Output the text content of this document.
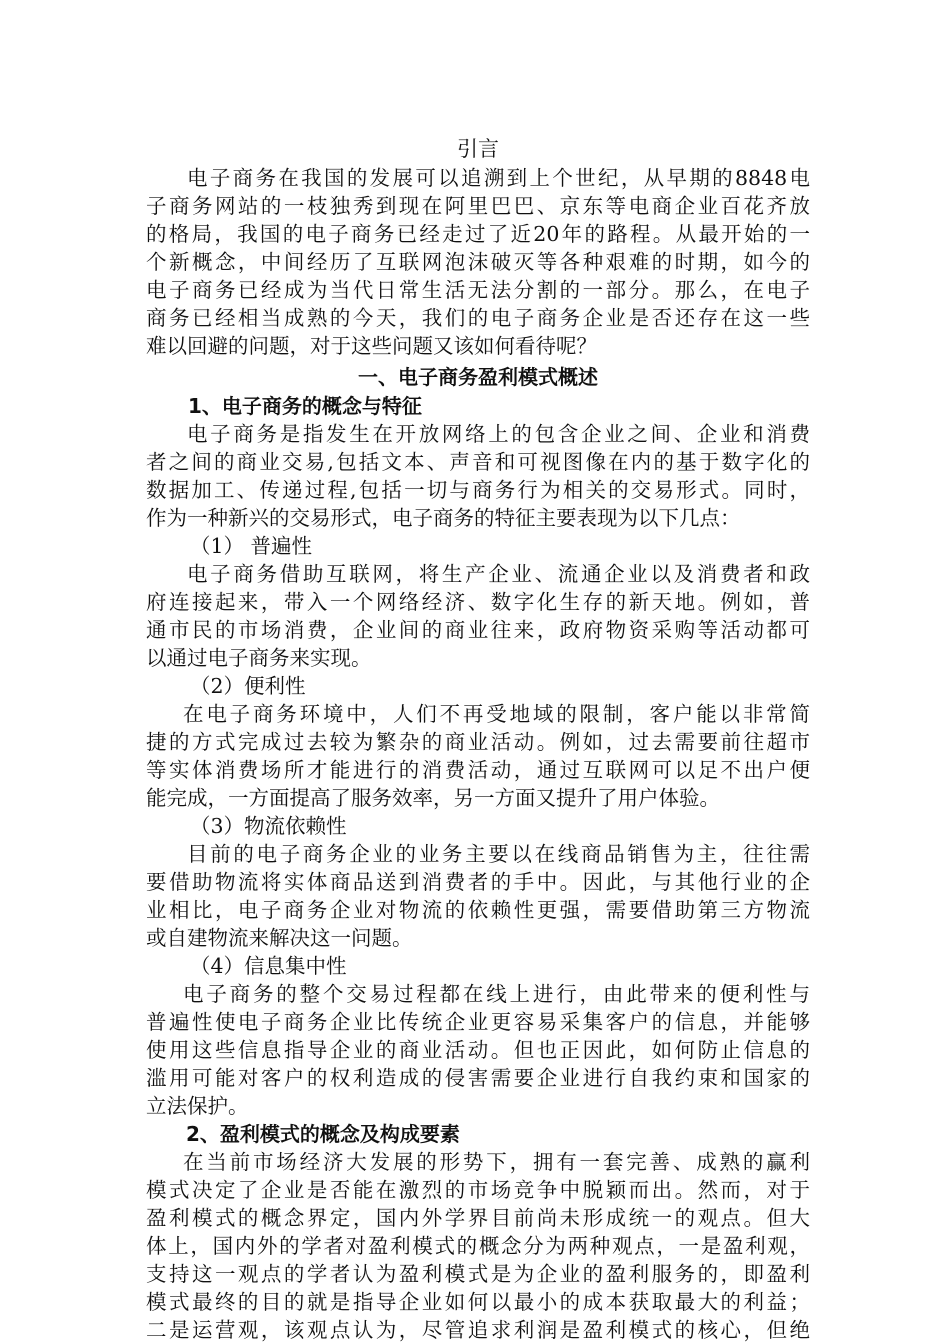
引言
电子商务在我国的发展可以追溯到上个世纪，从早期的8848电
子商务网站的一枝独秀到现在阿里巴巴、京东等电商企业百花齐放
的格局，我国的电子商务已经走过了近20年的路程。从最开始的一
个新概念，中间经历了互联网泡沫破灭等各种艰难的时期，如今的
电子商务已经成为当代日常生活无法分割的一部分。那么，在电子
商务已经相当成熟的今天，我们的电子商务企业是否还存在这一些
难以回避的问题，对于这些问题又该如何看待呢？
一、电子商务盈利模式概述
1、电子商务的概念与特征
电子商务是指发生在开放网络上的包含企业之间、企业和消费
者之间的商业交易,包括文本、声音和可视图像在内的基于数字化的
数据加工、传递过程,包括一切与商务行为相关的交易形式。同时，
作为一种新兴的交易形式，电子商务的特征主要表现为以下几点：
（1） 普遍性
电子商务借助互联网，将生产企业、流通企业以及消费者和政
府连接起来，带入一个网络经济、数字化生存的新天地。例如，普
通市民的市场消费，企业间的商业往来，政府物资采购等活动都可
以通过电子商务来实现。
（2）便利性
在电子商务环境中，人们不再受地域的限制，客户能以非常简
捷的方式完成过去较为繁杂的商业活动。例如，过去需要前往超市
等实体消费场所才能进行的消费活动，通过互联网可以足不出户便
能完成，一方面提高了服务效率，另一方面又提升了用户体验。
（3）物流依赖性
目前的电子商务企业的业务主要以在线商品销售为主，往往需
要借助物流将实体商品送到消费者的手中。因此，与其他行业的企
业相比，电子商务企业对物流的依赖性更强，需要借助第三方物流
或自建物流来解决这一问题。
（4）信息集中性
电子商务的整个交易过程都在线上进行，由此带来的便利性与
普遍性使电子商务企业比传统企业更容易采集客户的信息，并能够
使用这些信息指导企业的商业活动。但也正因此，如何防止信息的
滥用可能对客户的权利造成的侵害需要企业进行自我约束和国家的
立法保护。
2、盈利模式的概念及构成要素
在当前市场经济大发展的形势下，拥有一套完善、成熟的赢利
模式决定了企业是否能在激烈的市场竞争中脱颖而出。然而，对于
盈利模式的概念界定，国内外学界目前尚未形成统一的观点。但大
体上，国内外的学者对盈利模式的概念分为两种观点，一是盈利观，
支持这一观点的学者认为盈利模式是为企业的盈利服务的，即盈利
模式最终的目的就是指导企业如何以最小的成本获取最大的利益；
二是运营观，该观点认为，尽管追求利润是盈利模式的核心，但绝
